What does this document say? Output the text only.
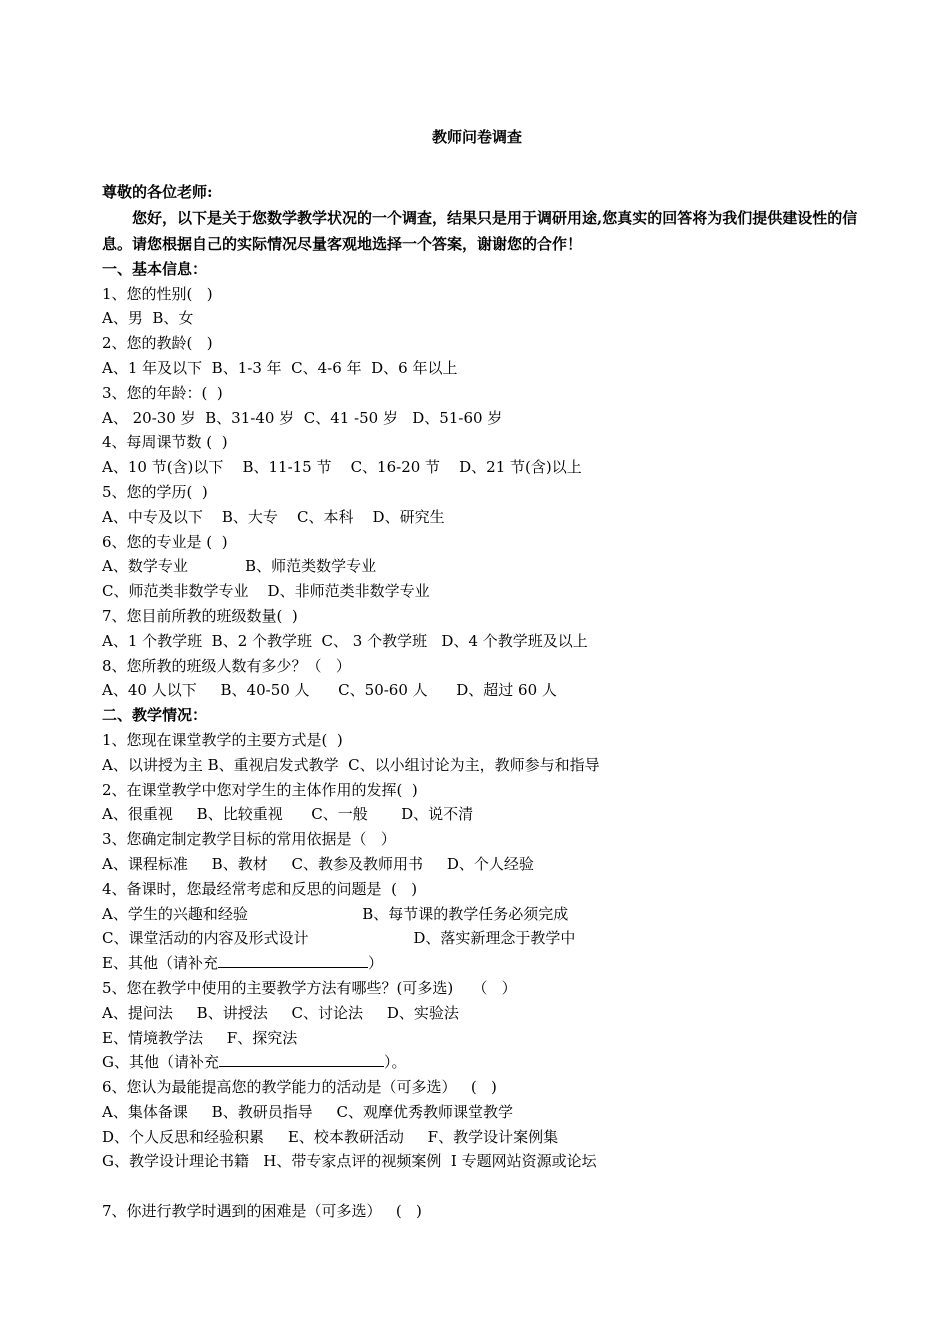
教师问卷调查
尊敬的各位老师:
您好，以下是关于您数学教学状况的一个调查，结果只是用于调研用途,您真实的回答将为我们提供建设性的信息。请您根据自己的实际情况尽量客观地选择一个答案，谢谢您的合作！
一、基本信息：
1、您的性别(   )
A、男  B、女
2、您的教龄(   )
A、1 年及以下  B、1-3 年  C、4-6 年  D、6 年以上
3、您的年龄：(  )
A、 20-30 岁  B、31-40 岁  C、41 -50 岁   D、51-60 岁
4、每周课节数 (  )
A、10 节(含)以下    B、11-15 节    C、16-20 节    D、21 节(含)以上
5、您的学历(  )
A、中专及以下    B、大专    C、本科    D、研究生
6、您的专业是 (  )
A、数学专业            B、师范类数学专业
C、师范类非数学专业    D、非师范类非数学专业
7、您目前所教的班级数量(  )
A、1 个教学班  B、2 个教学班  C、 3 个教学班   D、4 个教学班及以上
8、您所教的班级人数有多少？（   ）
A、40 人以下     B、40-50 人      C、50-60 人      D、超过 60 人
二、教学情况：
1、您现在课堂教学的主要方式是(  )
A、以讲授为主 B、重视启发式教学  C、以小组讨论为主，教师参与和指导
2、在课堂教学中您对学生的主体作用的发挥(  )
A、很重视     B、比较重视      C、一般       D、说不清
3、您确定制定教学目标的常用依据是（   ）
A、课程标准     B、教材     C、教参及教师用书     D、个人经验
4、备课时，您最经常考虑和反思的问题是  (   )
A、学生的兴趣和经验                        B、每节课的教学任务必须完成
C、课堂活动的内容及形式设计                      D、落实新理念于教学中
E、其他（请补充	）
5、您在教学中使用的主要教学方法有哪些？(可多选)    （   ）
A、提问法     B、讲授法     C、讨论法     D、实验法
E、情境教学法     F、探究法
G、其他（请补充	）。
6、您认为最能提高您的教学能力的活动是（可多选）   (   )
A、集体备课     B、教研员指导     C、观摩优秀教师课堂教学
D、个人反思和经验积累     E、校本教研活动     F、教学设计案例集
G、教学设计理论书籍   H、带专家点评的视频案例  I 专题网站资源或论坛
7、你进行教学时遇到的困难是（可多选）   (   )
